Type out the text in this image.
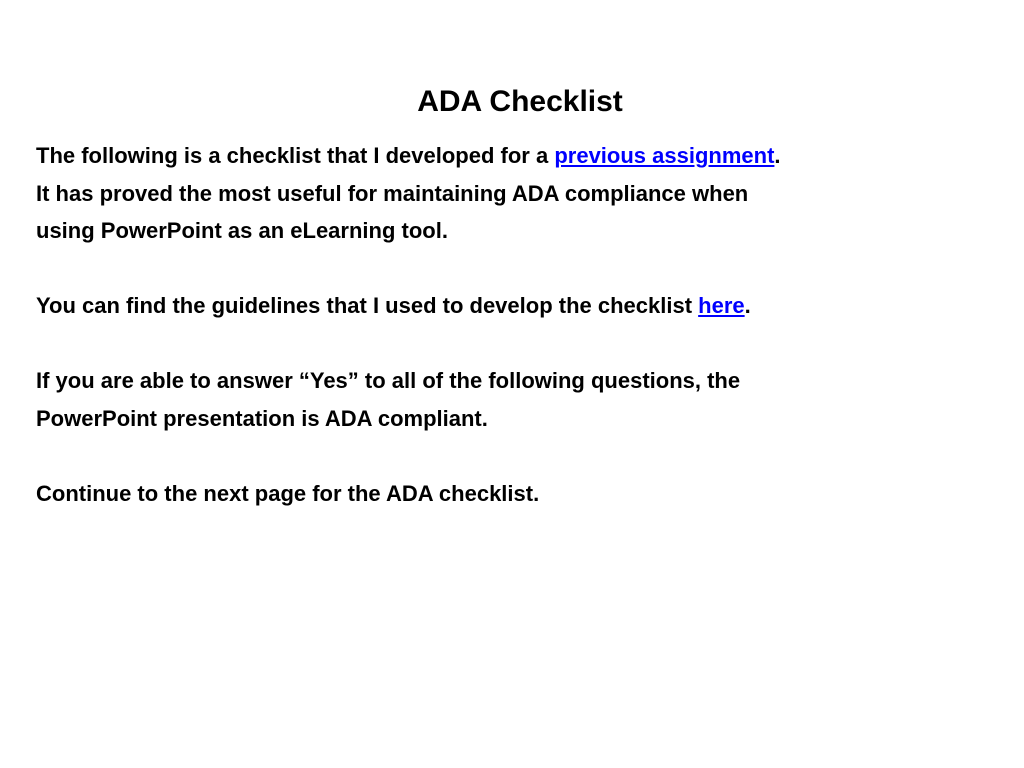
ADA Checklist
The following is a checklist that I developed for a previous assignment.
It has proved the most useful for maintaining ADA compliance when
using PowerPoint as an eLearning tool.
You can find the guidelines that I used to develop the checklist here.
If you are able to answer “Yes” to all of the following questions, the
PowerPoint presentation is ADA compliant.
Continue to the next page for the ADA checklist.
